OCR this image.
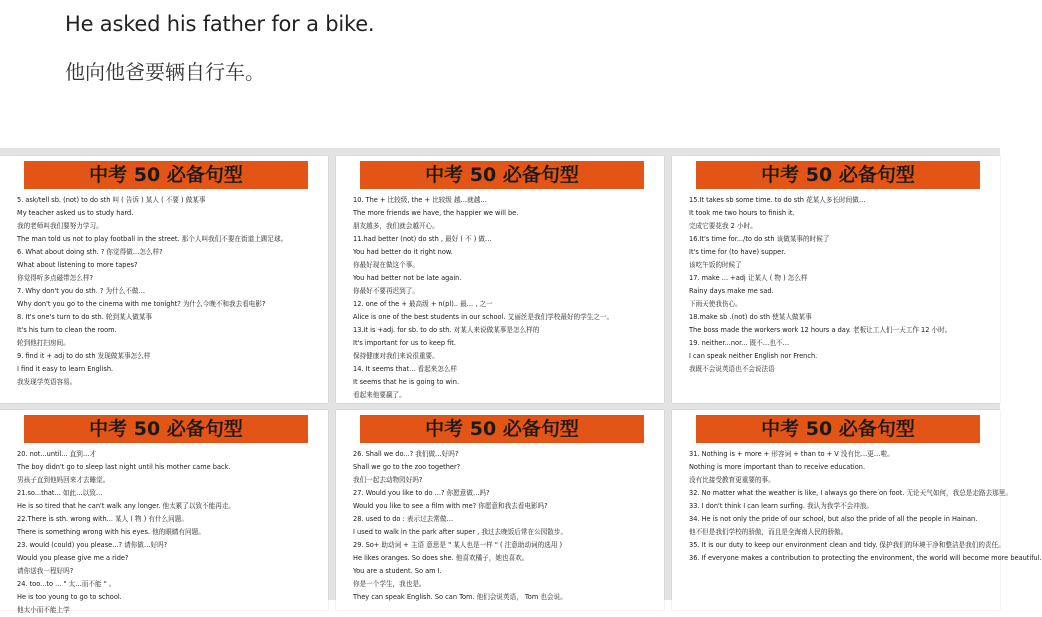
He asked his father for a bike.
他向他爸要辆自行车。
中考 50 必备句型
5. ask/tell sb. (not) to do sth 叫 ( 告诉 ) 某人 ( 不要 ) 做某事
My teacher asked us to study hard.
我的老师叫我们要努力学习。
The man told us not to play football in the street. 那个人叫我们不要在街道上踢足球。
6. What about doing sth. ? 你觉得做…怎么样?
What about listening to more tapes?
你觉得听多点磁带怎么样?
7. Why don't you do sth. ? 为什么不做…
Why don't you go to the cinema with me tonight? 为什么今晚不和我去看电影?
8. It's one's turn to do sth. 轮到某人做某事
It's his turn to clean the room.
轮到他打扫房间。
9. find it + adj to do sth 发现做某事怎么样
I find it easy to learn English.
我发现学英语容易。
中考 50 必备句型
10. The + 比较级, the + 比较级 越…就越…
The more friends we have, the happier we will be.
朋友越多，我们就会越开心。
11.had better (not) do sth , 最好 ( 不 ) 做…
You had better do it right now.
你最好现在做这个事。
You had better not be late again.
你最好不要再迟到了。
12. one of the + 最高级 + n(pl).. 最… , 之一
Alice is one of the best students in our school. 艾丽丝是我们学校最好的学生之一。
13.It is +adj. for sb. to do sth. 对某人来说做某事是怎么样的
It's important for us to keep fit.
保持健康对我们来说很重要。
14. It seems that... 看起来怎么样
It seems that he is going to win.
看起来他要赢了。
中考 50 必备句型
15.It takes sb some time. to do sth 花某人多长时间做…
It took me two hours to finish it.
完成它要花我 2 小时。
16.It's time for.../to do sth 该做某事的时候了
It's time for (to have) supper.
该吃午饭的时候了
17. make ... +adj 让某人 ( 物 ) 怎么样
Rainy days make me sad.
下雨天使我伤心。
18.make sb .(not) do sth 使某人做某事
The boss made the workers work 12 hours a day. 老板让工人们一天工作 12 小时。
19. neither...nor... 既不…也不…
I can speak neither English nor French.
我既不会说英语也不会说法语
中考 50 必备句型
20. not...until... 直到…才
The boy didn't go to sleep last night until his mother came back.
男孩子直到他妈回来才去睡觉。
21.so...that... 如此…以致…
He is so tired that he can't walk any longer. 他太累了以致不能再走。
22.There is sth. wrong with... 某人 ( 物 ) 有什么问题。
There is something wrong with his eyes. 他的眼睛有问题。
23. would (could) you please...? 请你做…好吗?
Would you please give me a ride?
请你送我一程好吗?
24. too...to ... " 太…而不能 " 。
He is too young to go to school.
他太小而不能上学
中考 50 必备句型
26. Shall we do...? 我们做…好吗?
Shall we go to the zoo together?
我们一起去动物园好吗?
27. Would you like to do ...? 你愿意做…吗?
Would you like to see a film with me? 你愿意和我去看电影吗?
28. used to do : 表示过去常做…
I used to walk in the park after super , 我过去晚饭后常在公园散步。
29. So+ 助动词 + 主语 意思是 " 某人也是一样 " ( 注意助动词的选用 )
He likes oranges. So does she. 他喜欢橘子，她也喜欢。
You are a student. So am I.
你是一个学生，我也是。
They can speak English. So can Tom. 他们会说英语， Tom 也会说。
中考 50 必备句型
31. Nothing is + more + 形容词 + than to + V 没有比…更…啦。
Nothing is more important than to receive education.
没有比接受教育更重要的事。
32. No matter what the weather is like, I always go there on foot. 无论天气如何，我总是走路去那里。
33. I don't think I can learn surfing. 我认为我学不会冲浪。
34. He is not only the pride of our school, but also the pride of all the people in Hainan.
他不但是我们学校的骄傲，而且是全海南人民的骄傲。
35. It is our duty to keep our environment clean and tidy. 保护我们的环境干净和整洁是我们的责任。
36. If everyone makes a contribution to protecting the environment, the world will become more beautiful.
